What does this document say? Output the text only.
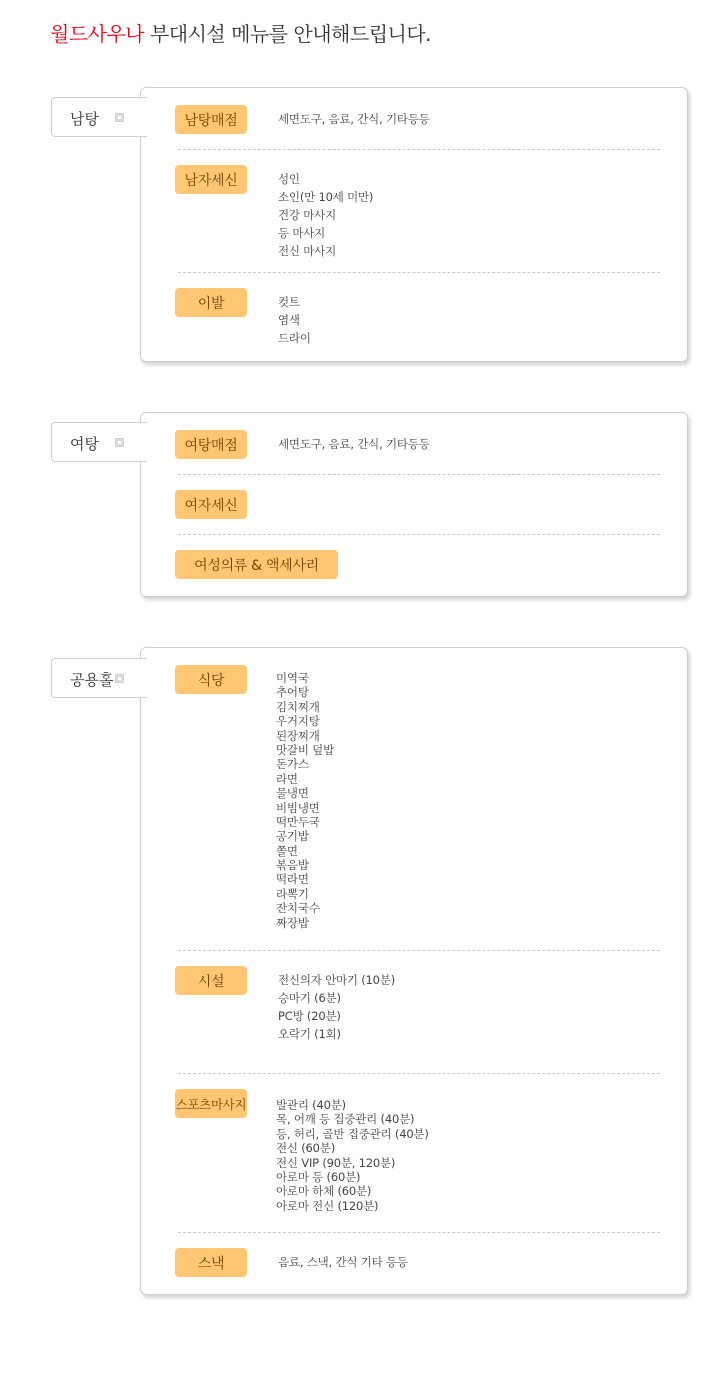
월드사우나 부대시설 메뉴를 안내해드립니다.
남탕	남탕매점	세면도구, 음료, 간식, 기타등등
남자세신	성인
소인(만 10세 미만)
건강 마사지
등 마사지
전신 마사지
이발	컷트
염색
드라이
여탕	여탕매점	세면도구, 음료, 간식, 기타등등
여자세신
여성의류 & 액세사리
공용홀	식당	미역국
추어탕
김치찌개
우거지탕
된장찌개
맛갈비 덮밥
돈가스
라면
물냉면
비빔냉면
떡만두국
공기밥
쫄면
볶음밥
떡라면
라뽁기
잔치국수
짜장밥
시설	전신의자 안마기 (10분)
승마기 (6분)
PC방 (20분)
오락기 (1회)
스포츠마사지	발관리 (40분)
목, 어깨 등 집중관리 (40분)
등, 허리, 골반 집중관리 (40분)
전신 (60분)
전신 VIP (90분, 120분)
아로마 등 (60분)
아로마 하체 (60분)
아로마 전신 (120분)
스낵	음료, 스낵, 간식 기타 등등
